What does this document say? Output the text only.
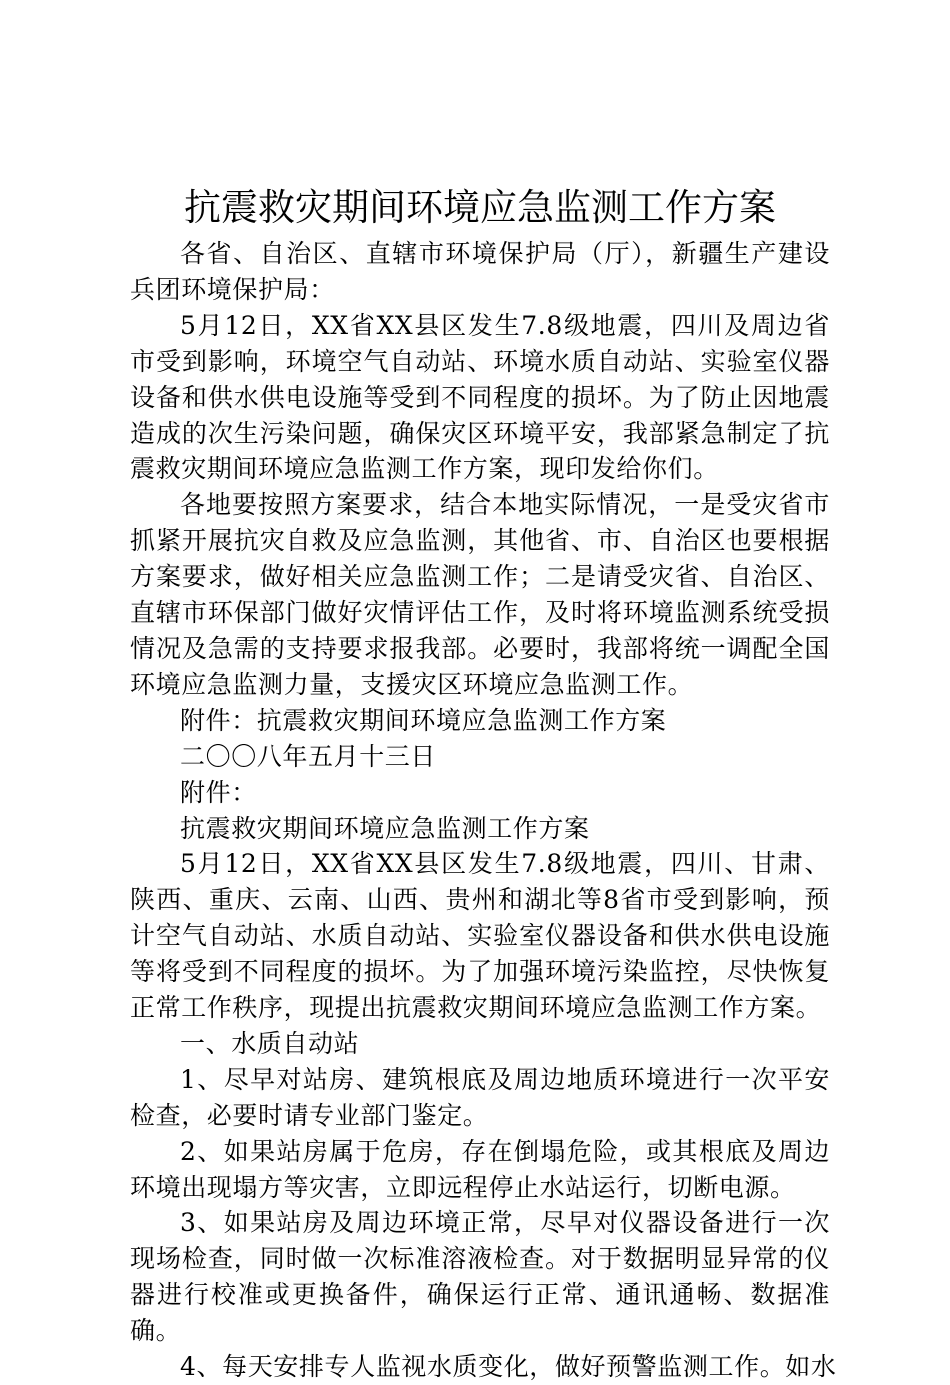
抗震救灾期间环境应急监测工作方案

各省、自治区、直辖市环境保护局（厅），新疆生产建设兵团环境保护局：

5月12日，XX省XX县区发生7.8级地震，四川及周边省市受到影响，环境空气自动站、环境水质自动站、实验室仪器设备和供水供电设施等受到不同程度的损坏。为了防止因地震造成的次生污染问题，确保灾区环境平安，我部紧急制定了抗震救灾期间环境应急监测工作方案，现印发给你们。

各地要按照方案要求，结合本地实际情况，一是受灾省市抓紧开展抗灾自救及应急监测，其他省、市、自治区也要根据方案要求，做好相关应急监测工作；二是请受灾省、自治区、直辖市环保部门做好灾情评估工作，及时将环境监测系统受损情况及急需的支持要求报我部。必要时，我部将统一调配全国环境应急监测力量，支援灾区环境应急监测工作。

附件：抗震救灾期间环境应急监测工作方案

二〇〇八年五月十三日

附件：

抗震救灾期间环境应急监测工作方案

5月12日，XX省XX县区发生7.8级地震，四川、甘肃、陕西、重庆、云南、山西、贵州和湖北等8省市受到影响，预计空气自动站、水质自动站、实验室仪器设备和供水供电设施等将受到不同程度的损坏。为了加强环境污染监控，尽快恢复正常工作秩序，现提出抗震救灾期间环境应急监测工作方案。

一、水质自动站

1、尽早对站房、建筑根底及周边地质环境进行一次平安检查，必要时请专业部门鉴定。

2、如果站房属于危房，存在倒塌危险，或其根底及周边环境出现塌方等灾害，立即远程停止水站运行，切断电源。

3、如果站房及周边环境正常，尽早对仪器设备进行一次现场检查，同时做一次标准溶液检查。对于数据明显异常的仪器进行校准或更换备件，确保运行正常、通讯通畅、数据准确。

4、每天安排专人监视水质变化，做好预警监测工作。如水
